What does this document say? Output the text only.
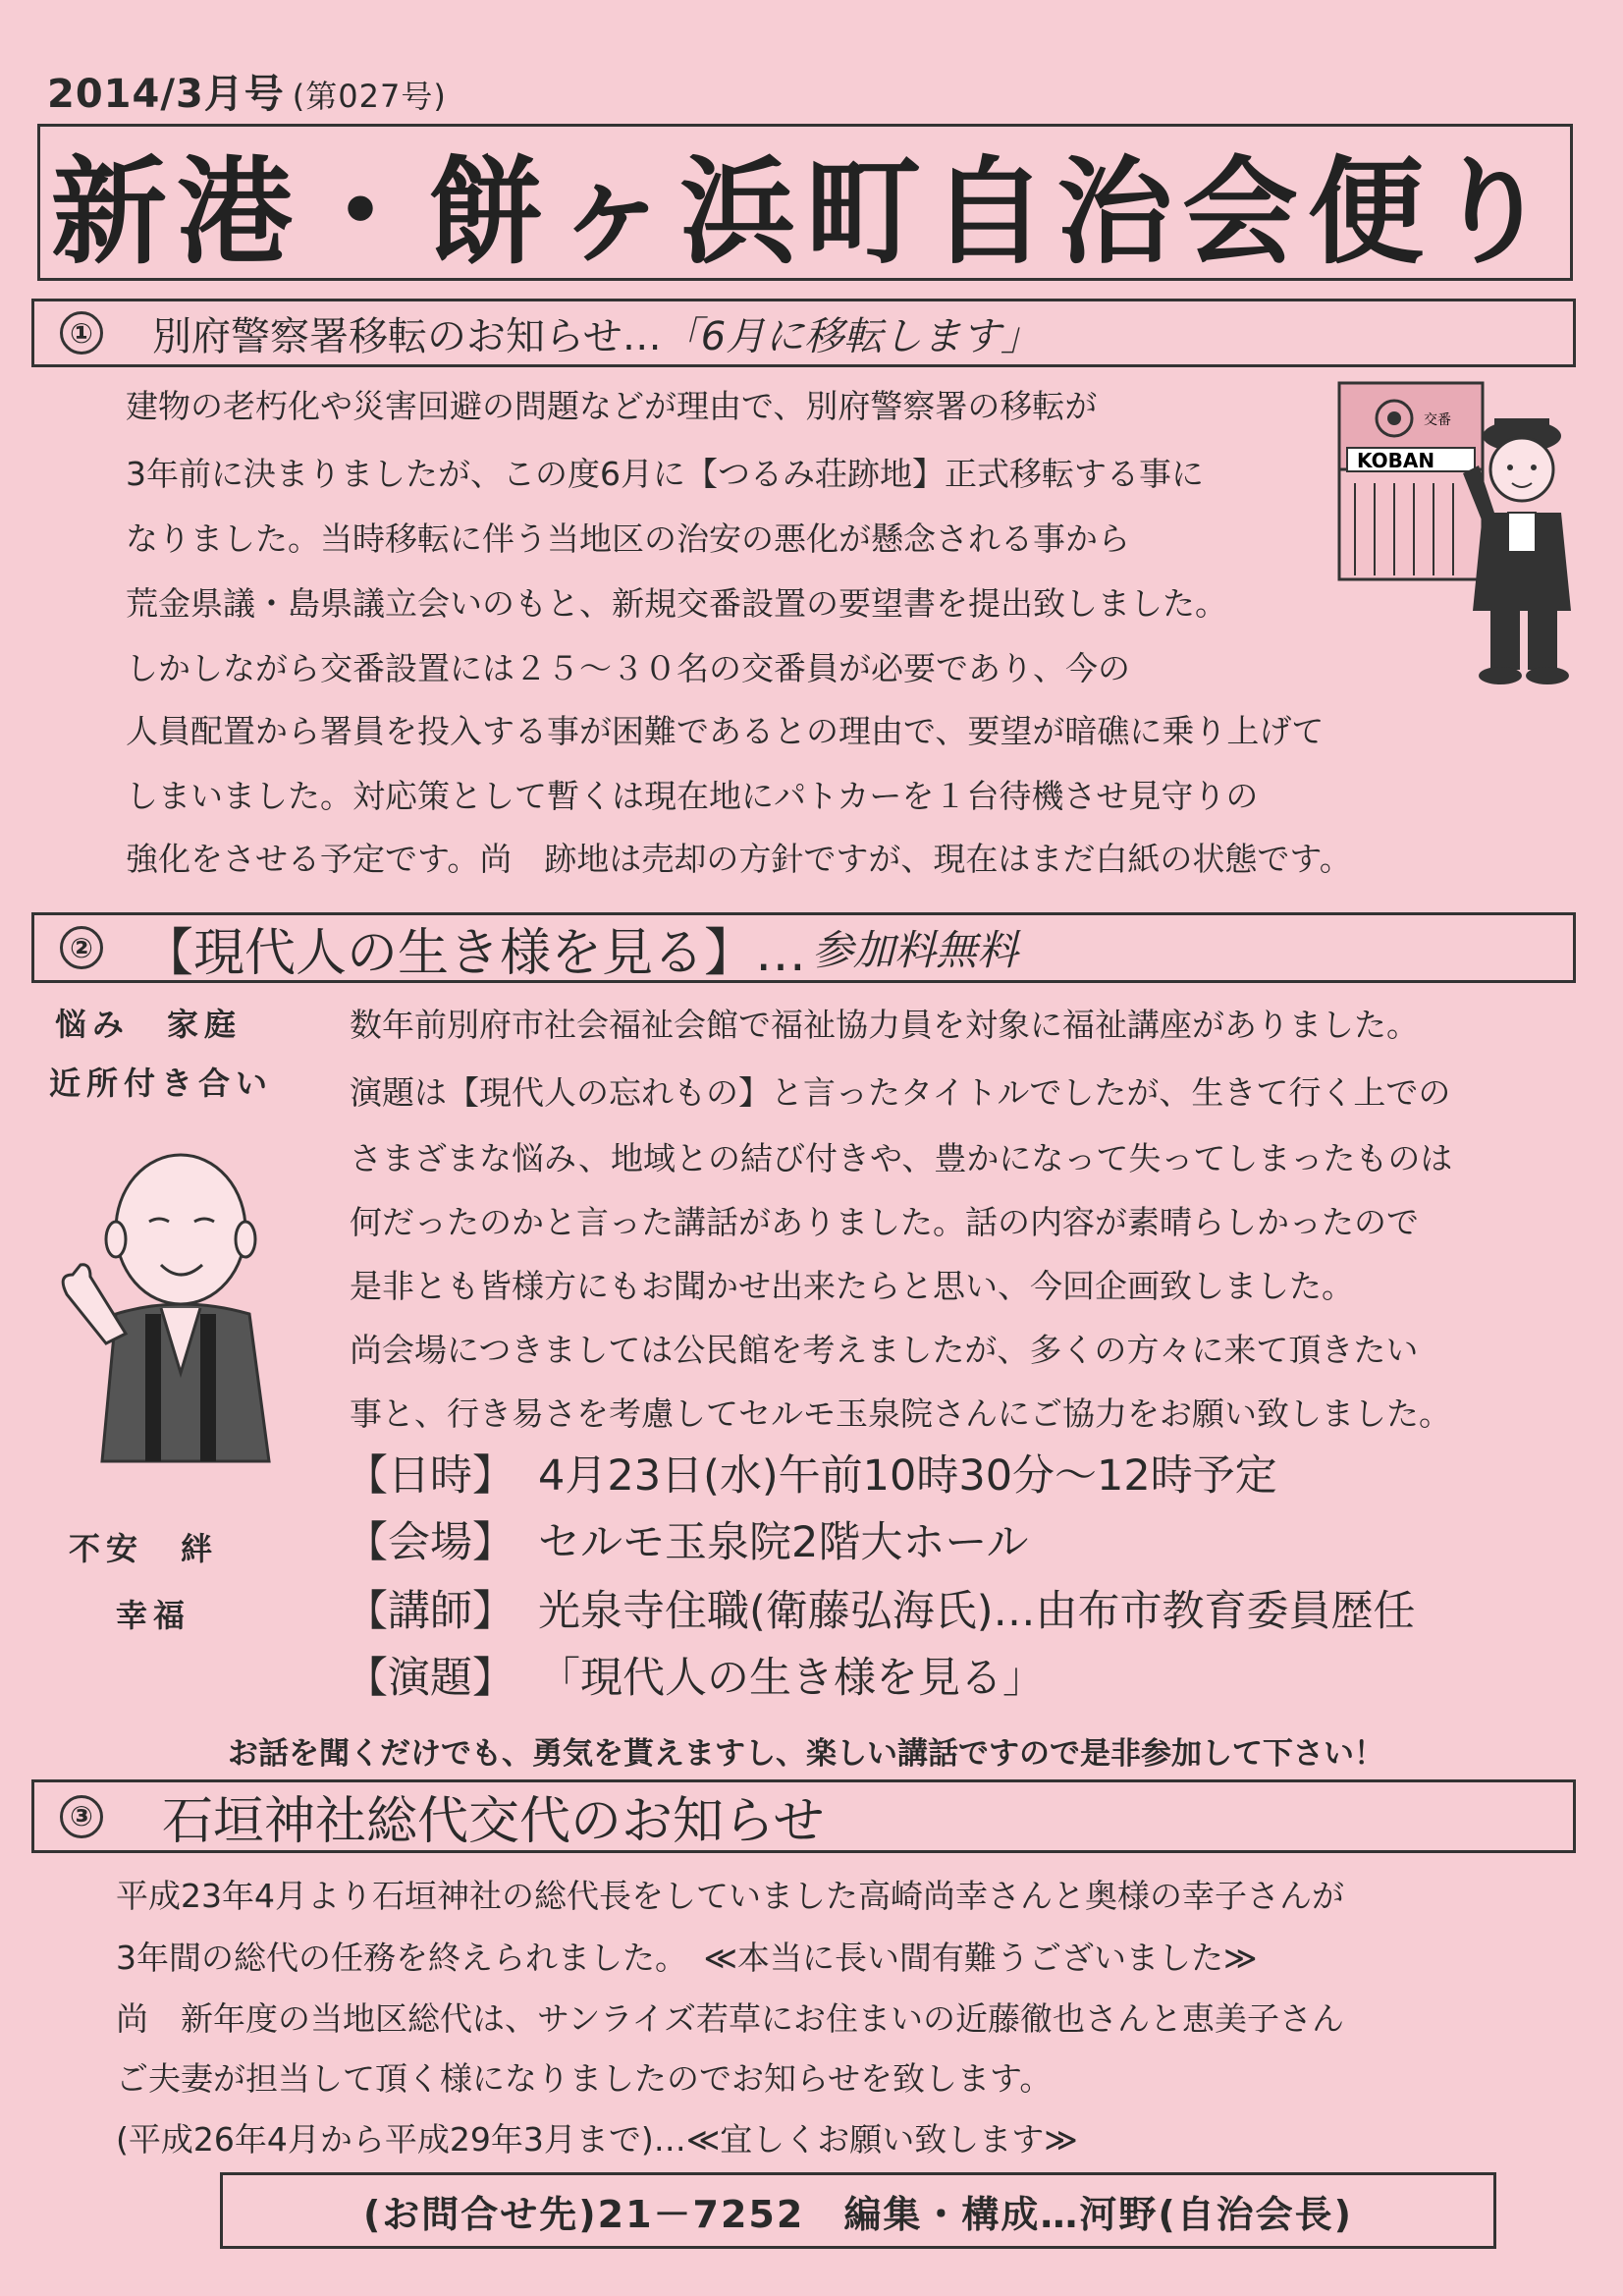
2014/3月号 (第027号)
新港・餅ヶ浜町自治会便り
① 別府警察署移転のお知らせ… 「6月に移転します」
建物の老朽化や災害回避の問題などが理由で、別府警察署の移転が
3年前に決まりましたが、この度6月に【つるみ荘跡地】正式移転する事に
なりました。当時移転に伴う当地区の治安の悪化が懸念される事から
荒金県議・島県議立会いのもと、新規交番設置の要望書を提出致しました。
しかしながら交番設置には２５～３０名の交番員が必要であり、今の
人員配置から署員を投入する事が困難であるとの理由で、要望が暗礁に乗り上げて
しまいました。対応策として暫くは現在地にパトカーを１台待機させ見守りの
強化をさせる予定です。尚　跡地は売却の方針ですが、現在はまだ白紙の状態です。
交番
KOBAN
② 【現代人の生き様を見る】… 参加料無料
悩み　家庭
近所付き合い
不安　絆
幸福
数年前別府市社会福祉会館で福祉協力員を対象に福祉講座がありました。
演題は【現代人の忘れもの】と言ったタイトルでしたが、生きて行く上での
さまざまな悩み、地域との結び付きや、豊かになって失ってしまったものは
何だったのかと言った講話がありました。話の内容が素晴らしかったので
是非とも皆様方にもお聞かせ出来たらと思い、今回企画致しました。
尚会場につきましては公民館を考えましたが、多くの方々に来て頂きたい
事と、行き易さを考慮してセルモ玉泉院さんにご協力をお願い致しました。
【日時】 4月23日(水)午前10時30分～12時予定
【会場】 セルモ玉泉院2階大ホール
【講師】 光泉寺住職(衛藤弘海氏)…由布市教育委員歴任
【演題】 「現代人の生き様を見る」
お話を聞くだけでも、勇気を貰えますし、楽しい講話ですので是非参加して下さい！
③ 石垣神社総代交代のお知らせ
平成23年4月より石垣神社の総代長をしていました高崎尚幸さんと奥様の幸子さんが
3年間の総代の任務を終えられました。　≪本当に長い間有難うございました≫
尚　新年度の当地区総代は、サンライズ若草にお住まいの近藤徹也さんと恵美子さん
ご夫妻が担当して頂く様になりましたのでお知らせを致します。
(平成26年4月から平成29年3月まで)…≪宜しくお願い致します≫
(お問合せ先)21－7252　編集・構成…河野(自治会長)
